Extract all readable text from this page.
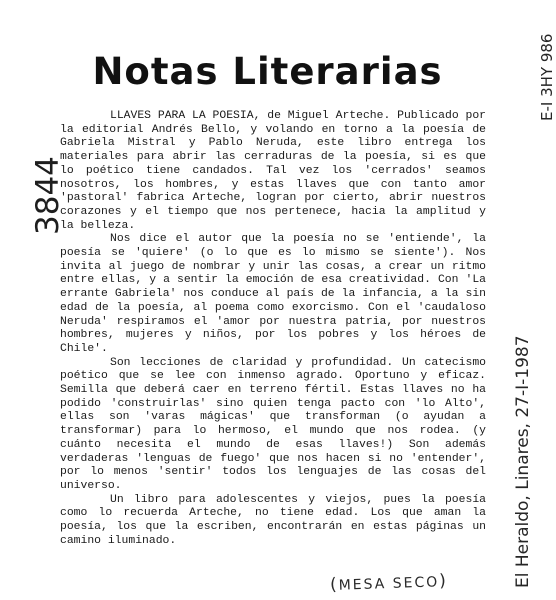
Notas Literarias

LLAVES PARA LA POESIA, de Miguel Arteche. Publicado por la editorial Andrés Bello, y volando en torno a la poesía de Gabriela Mistral y Pablo Neruda, este libro entrega los materiales para abrir las cerraduras de la poesía, si es que lo poético tiene candados. Tal vez los 'cerrados' seamos nosotros, los hombres, y estas llaves que con tanto amor 'pastoral' fabrica Arteche, logran por cierto, abrir nuestros corazones y el tiempo que nos pertenece, hacia la amplitud y la belleza.

Nos dice el autor que la poesía no se 'entiende', la poesía se 'quiere' (o lo que es lo mismo se siente'). Nos invita al juego de nombrar y unir las cosas, a crear un ritmo entre ellas, y a sentir la emoción de esa creatividad. Con 'La errante Gabriela' nos conduce al país de la infancia, a la sin edad de la poesía, al poema como exorcismo. Con el 'caudaloso Neruda' respiramos el 'amor por nuestra patria, por nuestros hombres, mujeres y niños, por los pobres y los héroes de Chile'.

Son lecciones de claridad y profundidad. Un catecismo poético que se lee con inmenso agrado. Oportuno y eficaz. Semilla que deberá caer en terreno fértil. Estas llaves no ha podido 'construirlas' sino quien tenga pacto con 'lo Alto', ellas son 'varas mágicas' que transforman (o ayudan a transformar) para lo hermoso, el mundo que nos rodea. (y cuánto necesita el mundo de esas llaves!) Son además verdaderas 'lenguas de fuego' que nos hacen si no 'entender', por lo menos 'sentir' todos los lenguajes de las cosas del universo.

Un libro para adolescentes y viejos, pues la poesía como lo recuerda Arteche, no tiene edad. Los que aman la poesía, los que la escriben, encontrarán en estas páginas un camino iluminado.

(MESA SECO)
3844
El Heraldo, Linares, 27-I-1987
E-I 3HY 986
